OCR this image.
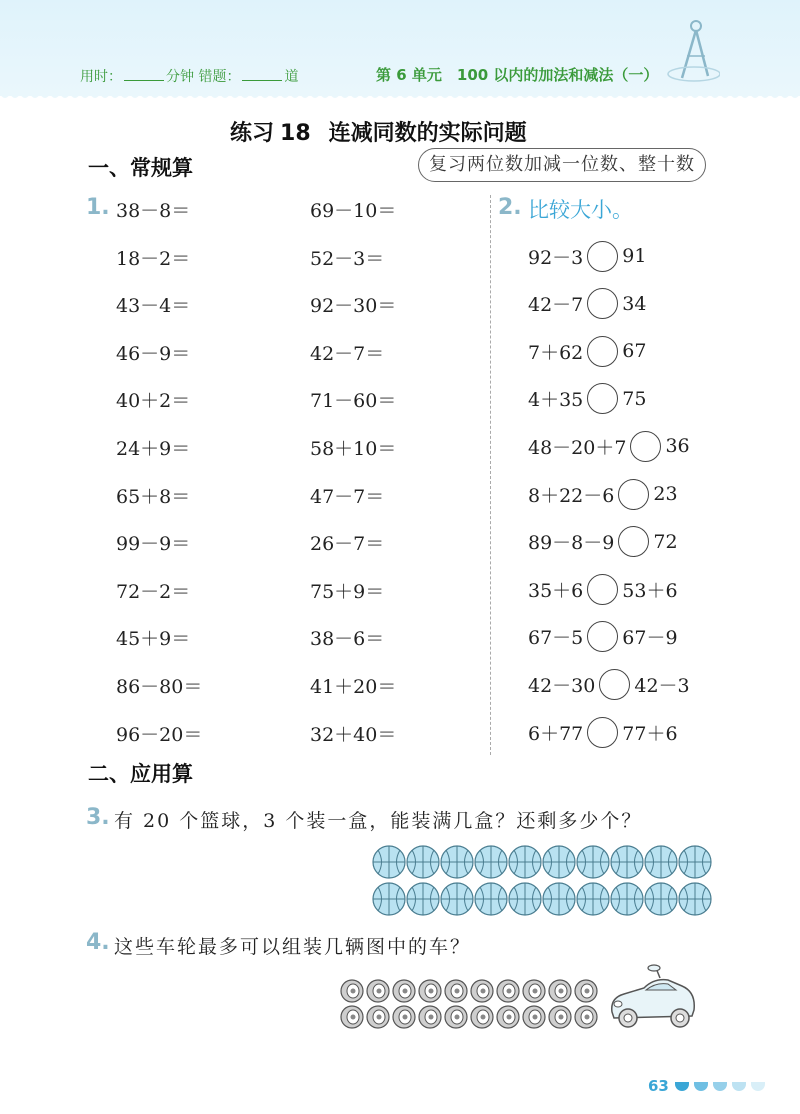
用时：	分钟 错题：	道	第 6 单元　100 以内的加法和减法（一）
练习 18 连减同数的实际问题
一、常规算	复习两位数加减一位数、整十数
1. 38－8＝
18－2＝
43－4＝
46－9＝
40＋2＝
24＋9＝
65＋8＝
99－9＝
72－2＝
45＋9＝
86－80＝
96－20＝
69－10＝
52－3＝
92－30＝
42－7＝
71－60＝
58＋10＝
47－7＝
26－7＝
75＋9＝
38－6＝
41＋20＝
32＋40＝
2. 比较大小。
92－3 91
42－7 34
7＋62 67
4＋35 75
48－20＋7 36
8＋22－6 23
89－8－9 72
35＋6 53＋6
67－5 67－9
42－30 42－3
6＋77 77＋6
二、应用算
3. 有 20 个篮球，3 个装一盒，能装满几盒？还剩多少个？
4. 这些车轮最多可以组装几辆图中的车？
63
